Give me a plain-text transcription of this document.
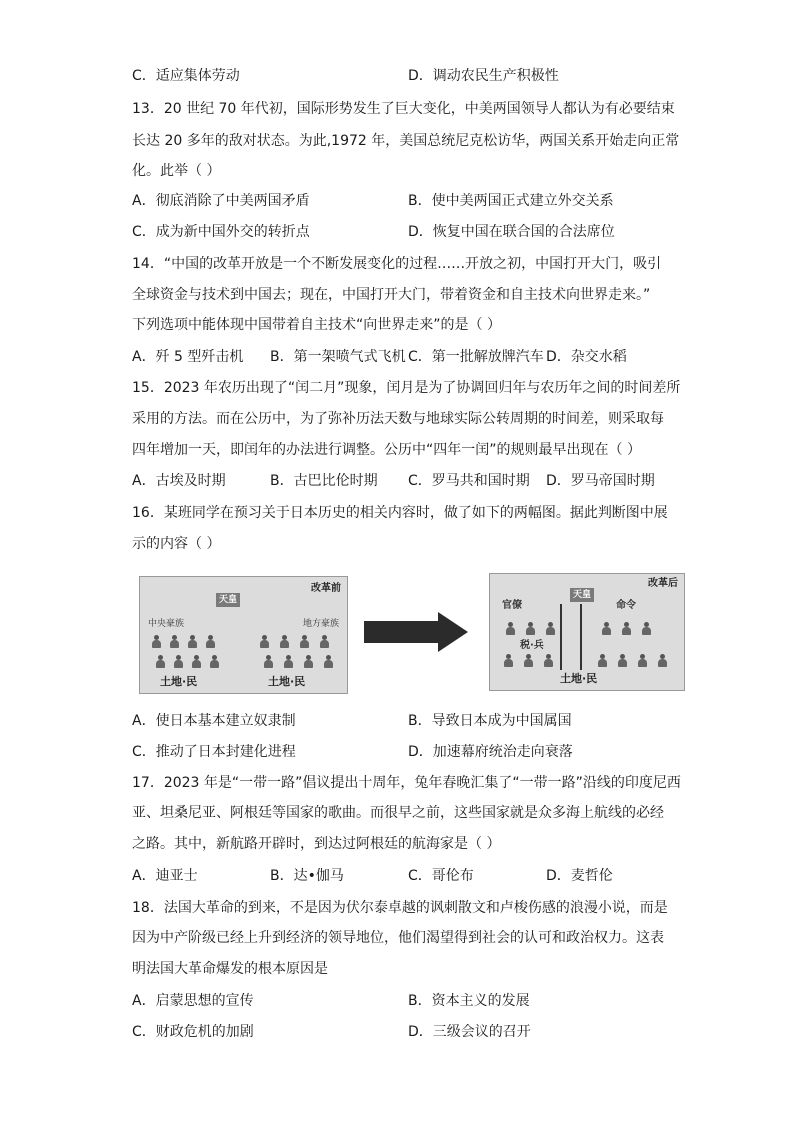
C．适应集体劳动	D．调动农民生产积极性
13．20 世纪 70 年代初，国际形势发生了巨大变化，中美两国领导人都认为有必要结束
长达 20 多年的敌对状态。为此,1972 年，美国总统尼克松访华，两国关系开始走向正常
化。此举（ ）
A．彻底消除了中美两国矛盾	B．使中美两国正式建立外交关系
C．成为新中国外交的转折点	D．恢复中国在联合国的合法席位
14．“中国的改革开放是一个不断发展变化的过程……开放之初，中国打开大门，吸引
全球资金与技术到中国去；现在，中国打开大门，带着资金和自主技术向世界走来。”
下列选项中能体现中国带着自主技术“向世界走来”的是（ ）
A．歼 5 型歼击机 B．第一架喷气式飞机 C．第一批解放牌汽车 D．杂交水稻
15．2023 年农历出现了“闰二月”现象，闰月是为了协调回归年与农历年之间的时间差所
采用的方法。而在公历中，为了弥补历法天数与地球实际公转周期的时间差，则采取每
四年增加一天，即闰年的办法进行调整。公历中“四年一闰”的规则最早出现在（ ）
A．古埃及时期	B．古巴比伦时期 C．罗马共和国时期 D．罗马帝国时期
16．某班同学在预习关于日本历史的相关内容时，做了如下的两幅图。据此判断图中展
示的内容（ ）
改革前
天皇
中央豪族	地方豪族
土地·民	土地·民
改革后
天皇
官僚	命令
税·兵
土地·民
A．使日本基本建立奴隶制	B．导致日本成为中国属国
C．推动了日本封建化进程	D．加速幕府统治走向衰落
17．2023 年是“一带一路”倡议提出十周年，兔年春晚汇集了“一带一路”沿线的印度尼西
亚、坦桑尼亚、阿根廷等国家的歌曲。而很早之前，这些国家就是众多海上航线的必经
之路。其中，新航路开辟时，到达过阿根廷的航海家是（ ）
A．迪亚士	B．达•伽马	C．哥伦布	D．麦哲伦
18．法国大革命的到来，不是因为伏尔泰卓越的讽刺散文和卢梭伤感的浪漫小说，而是
因为中产阶级已经上升到经济的领导地位，他们渴望得到社会的认可和政治权力。这表
明法国大革命爆发的根本原因是
A．启蒙思想的宣传	B．资本主义的发展
C．财政危机的加剧	D．三级会议的召开
